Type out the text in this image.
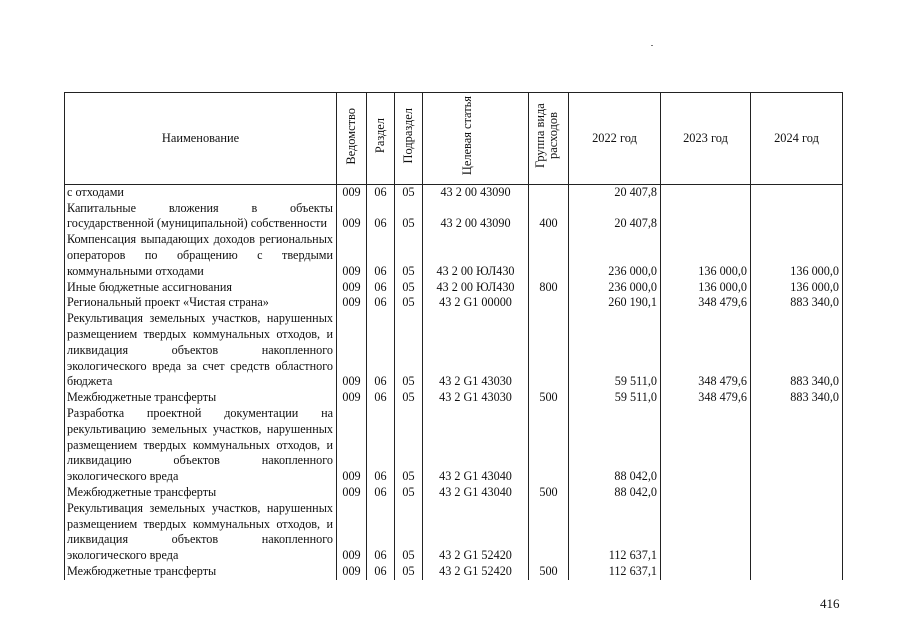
Наименование	Ведомство	Раздел	Подраздел	Целевая статья	Группа вида расходов	2022 год	2023 год	2024 год
с отходами	009	06	05	43 2 00 43090		20 407,8		
Капитальные вложения в объекты государственной (муниципальной) собственности	009	06	05	43 2 00 43090	400	20 407,8		
Компенсация выпадающих доходов региональных операторов по обращению с твердыми коммунальными отходами	009	06	05	43 2 00 ЮЛ430		236 000,0	136 000,0	136 000,0
Иные бюджетные ассигнования	009	06	05	43 2 00 ЮЛ430	800	236 000,0	136 000,0	136 000,0
Региональный проект «Чистая страна»	009	06	05	43 2 G1 00000		260 190,1	348 479,6	883 340,0
Рекультивация земельных участков, нарушенных размещением твердых коммунальных отходов, и ликвидация объектов накопленного экологического вреда за счет средств областного бюджета	009	06	05	43 2 G1 43030		59 511,0	348 479,6	883 340,0
Межбюджетные трансферты	009	06	05	43 2 G1 43030	500	59 511,0	348 479,6	883 340,0
Разработка проектной документации на рекультивацию земельных участков, нарушенных размещением твердых коммунальных отходов, и ликвидацию объектов накопленного экологического вреда	009	06	05	43 2 G1 43040		88 042,0		
Межбюджетные трансферты	009	06	05	43 2 G1 43040	500	88 042,0		
Рекультивация земельных участков, нарушенных размещением твердых коммунальных отходов, и ликвидация объектов накопленного экологического вреда	009	06	05	43 2 G1 52420		112 637,1		
Межбюджетные трансферты	009	06	05	43 2 G1 52420	500	112 637,1		
416
